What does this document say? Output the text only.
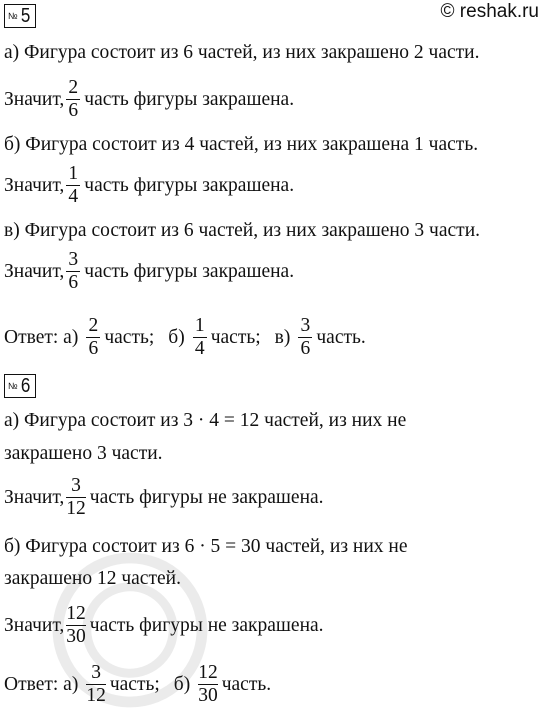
© reshak.ru
№ 5
а) Фигура состоит из 6 частей, из них закрашено 2 части.
Значит, $\frac{2}{6}$ часть фигуры закрашена.
б) Фигура состоит из 4 частей, из них закрашена 1 часть.
Значит, $\frac{1}{4}$ часть фигуры закрашена.
в) Фигура состоит из 6 частей, из них закрашено 3 части.
Значит, $\frac{3}{6}$ часть фигуры закрашена.
Ответ: $а) \frac{2}{6}$ часть; $б) \frac{1}{4}$ часть; $в) \frac{3}{6}$ часть.
№ 6
а) Фигура состоит из 3 · 4 = 12 частей, из них не
закрашено 3 части.
Значит, $\frac{3}{12}$ часть фигуры не закрашена.
б) Фигура состоит из 6 · 5 = 30 частей, из них не
закрашено 12 частей.
Значит, $\frac{12}{30}$ часть фигуры не закрашена.
Ответ: $а) \frac{3}{12}$ часть; $б) \frac{12}{30}$ часть.
